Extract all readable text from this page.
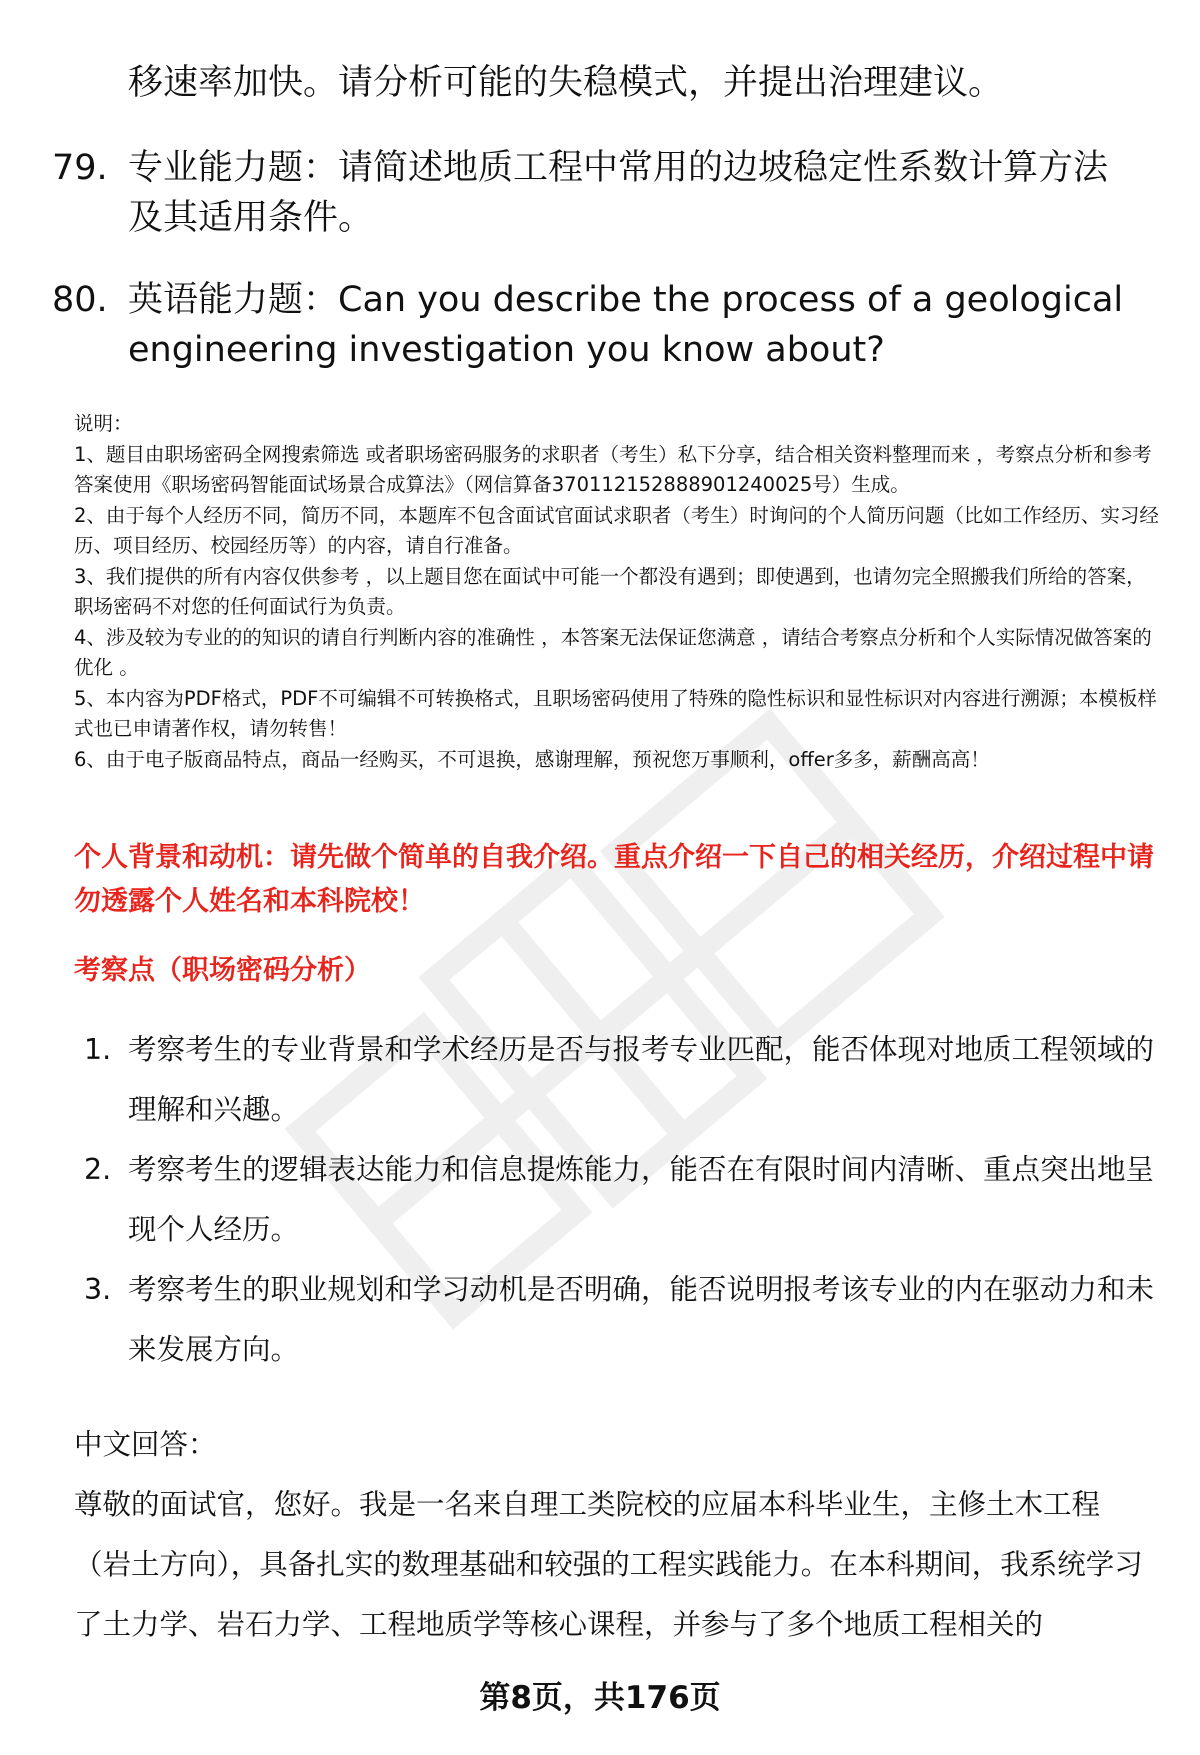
移速率加快。请分析可能的失稳模式，并提出治理建议。
79. 专业能力题：请简述地质工程中常用的边坡稳定性系数计算方法及其适用条件。
80. 英语能力题：Can you describe the process of a geological engineering investigation you know about?

说明：

1、题目由职场密码全网搜索筛选 或者职场密码服务的求职者（考生）私下分享，结合相关资料整理而来 ，考察点分析和参考答案使用《职场密码智能面试场景合成算法》（网信算备370112152888901240025号）生成。

2、由于每个人经历不同，简历不同，本题库不包含面试官面试求职者（考生）时询问的个人简历问题（比如工作经历、实习经历、项目经历、校园经历等）的内容，请自行准备。

3、我们提供的所有内容仅供参考 ，以上题目您在面试中可能一个都没有遇到；即使遇到，也请勿完全照搬我们所给的答案，职场密码不对您的任何面试行为负责。

4、涉及较为专业的的知识的请自行判断内容的准确性 ，本答案无法保证您满意 ，请结合考察点分析和个人实际情况做答案的优化 。

5、本内容为PDF格式，PDF不可编辑不可转换格式，且职场密码使用了特殊的隐性标识和显性标识对内容进行溯源；本模板样式也已申请著作权，请勿转售！

6、由于电子版商品特点，商品一经购买，不可退换，感谢理解，预祝您万事顺利，offer多多，薪酬高高！

个人背景和动机：请先做个简单的自我介绍。重点介绍一下自己的相关经历，介绍过程中请勿透露个人姓名和本科院校！
考察点（职场密码分析）
1. 考察考生的专业背景和学术经历是否与报考专业匹配，能否体现对地质工程领域的理解和兴趣。
2. 考察考生的逻辑表达能力和信息提炼能力，能否在有限时间内清晰、重点突出地呈现个人经历。
3. 考察考生的职业规划和学习动机是否明确，能否说明报考该专业的内在驱动力和未来发展方向。
中文回答：
尊敬的面试官，您好。我是一名来自理工类院校的应届本科毕业生，主修土木工程（岩土方向），具备扎实的数理基础和较强的工程实践能力。在本科期间，我系统学习了土力学、岩石力学、工程地质学等核心课程，并参与了多个地质工程相关的
第8页，共176页
